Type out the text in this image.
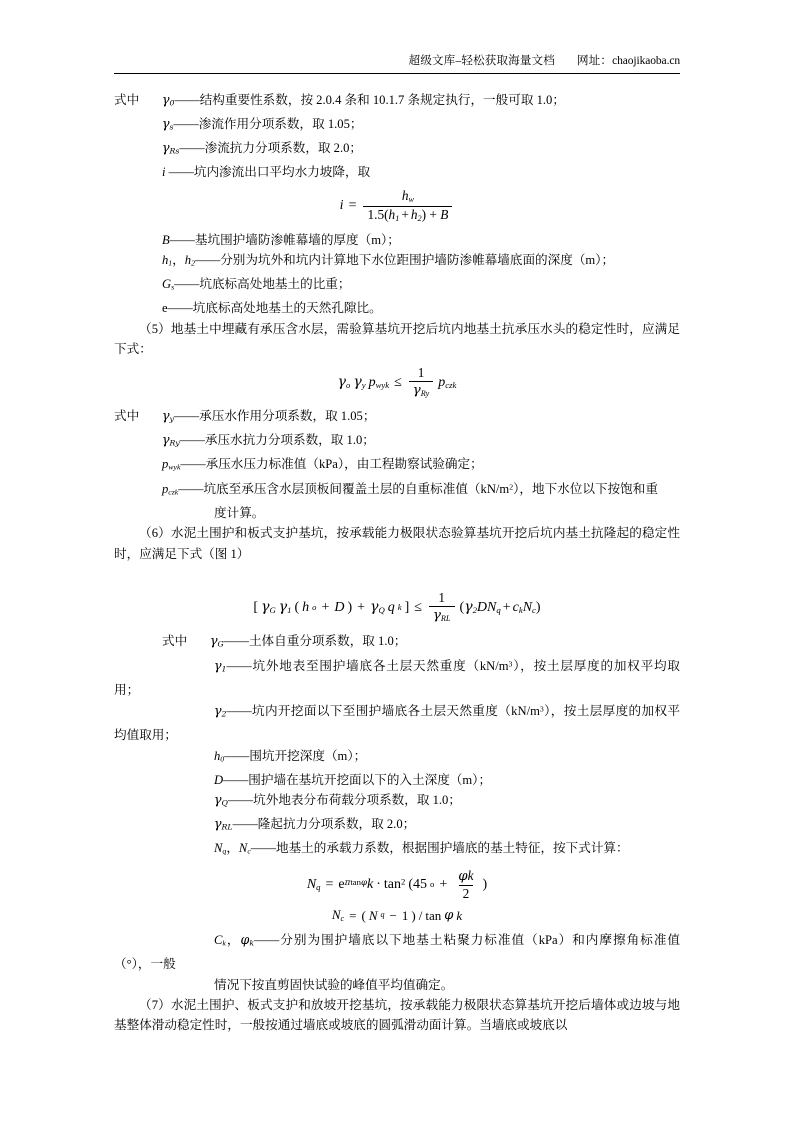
超级文库–轻松获取海量文档 网址：chaojikaoba.cn
式中 $\gamma_0——$结构重要性系数，按 2.0.4 条和 10.1.7 条规定执行，一般可取 1.0；
$\gamma_s——$渗流作用分项系数，取 1.05；
$\gamma_{Rs}——$渗流抗力分项系数，取 2.0；
i ——坑内渗流出口平均水力坡降，取
$i = \frac{h_w}{1.5(h_1 + h_2) + B}$
B——基坑围护墙防渗帷幕墙的厚度（m）；
$h_1$，$h_2——$分别为坑外和坑内计算地下水位距围护墙防渗帷幕墙底面的深度（m）；
$G_s——$坑底标高处地基土的比重；
e——坑底标高处地基土的天然孔隙比。
（5）地基土中埋藏有承压含水层，需验算基坑开挖后坑内地基土抗承压水头的稳定性时，应满足下式：
$\gamma_o$ $\gamma_y$ $p_{wyk} \le \frac{1}{\gamma_{Ry}} p_{czk}$
式中 $\gamma_y——$承压水作用分项系数，取 1.05；
$\gamma_{Ry}——$承压水抗力分项系数，取 1.0；
$p_{wyk}——$承压水压力标准值（kPa），由工程勘察试验确定；
$p_{czk}——$坑底至承压含水层顶板间覆盖土层的自重标准值$(kN/m^2)$，地下水位以下按饱和重
度计算。
（6）水泥土围护和板式支护基坑，按承载能力极限状态验算基坑开挖后坑内基土抗隆起的稳定性时，应满足下式（图 1）
[ $\gamma_G$ $\gamma_1$ ( h o + D ) + $\gamma_Q$ q k ] ≤ $\frac{1}{\gamma_{RL}} (\gamma_2DN_q + c_kN_c)$
式中 $\gamma_G——$土体自重分项系数，取 1.0；
$\gamma_1——$坑外地表至围护墙底各土层天然重度$(kN/m^3)$，按土层厚度的加权平均取用；
$\gamma_2——$坑内开挖面以下至围护墙底各土层天然重度$(kN/m^3)$，按土层厚度的加权平均值取用；
$h_0——$围坑开挖深度（m）；
D——围护墙在基坑开挖面以下的入土深度（m）；
$\gamma_Q——$坑外地表分布荷载分项系数，取 1.0；
$\gamma_{RL}——$隆起抗力分项系数，取 2.0；
$N_q$，$N_c——$地基土的承载力系数，根据围护墙底的基土特征，按下式计算：
$N_q = e^{\pi tan\varphi}k \cdot \tan^2 (45$ $o + \frac{\varphi k}{2}$ )
$N_c$ = ( N q − 1 ) / tan φ k
$C_k$，$\varphi_k——$分别为围护墙底以下地基土粘聚力标准值（kPa）和内摩擦角标准值（°），一般
情况下按直剪固快试验的峰值平均值确定。
（7）水泥土围护、板式支护和放坡开挖基坑，按承载能力极限状态算基坑开挖后墙体或边坡与地基整体滑动稳定性时，一般按通过墙底或坡底的圆弧滑动面计算。当墙底或坡底以
